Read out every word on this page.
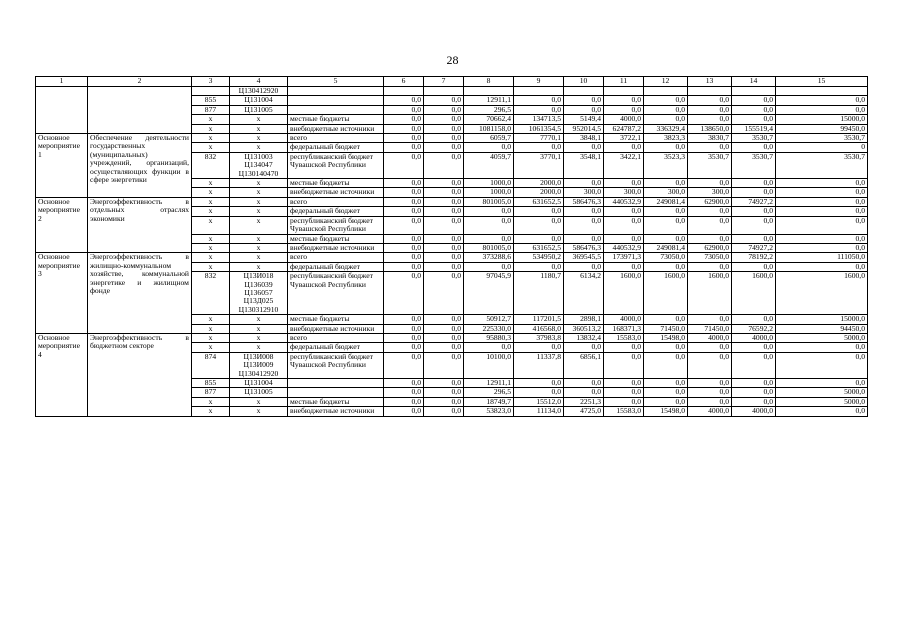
28
1	2	3	4	5	6	7	8	9	10	11	12	13	14	15
			Ц130412920											
		855	Ц131004		0,0	0,0	12911,1	0,0	0,0	0,0	0,0	0,0	0,0	0,0
		877	Ц131005		0,0	0,0	296,5	0,0	0,0	0,0	0,0	0,0	0,0	0,0
		x	x	местные бюджеты	0,0	0,0	70662,4	134713,5	5149,4	4000,0	0,0	0,0	0,0	15000,0
		x	x	внебюджетные источники	0,0	0,0	1081158,0	1061354,5	952014,5	624787,2	336329,4	138650,0	155519,4	99450,0
Основное мероприятие 1	Обеспечение деятельности государственных (муниципальных) учреждений, организаций, осуществляющих функции в сфере энергетики	x	x	всего	0,0	0,0	6059,7	7770,1	3848,1	3722,1	3823,3	3830,7	3530,7	3530,7
		x	x	федеральный бюджет	0,0	0,0	0,0	0,0	0,0	0,0	0,0	0,0	0,0	0
		832	Ц131003 Ц134047 Ц130140470	республиканский бюджет Чувашской Республики	0,0	0,0	4059,7	3770,1	3548,1	3422,1	3523,3	3530,7	3530,7	3530,7
		x	x	местные бюджеты	0,0	0,0	1000,0	2000,0	0,0	0,0	0,0	0,0	0,0	0,0
		x	x	внебюджетные источники	0,0	0,0	1000,0	2000,0	300,0	300,0	300,0	300,0	0,0	0,0
Основное мероприятие 2	Энергоэффективность в отдельных отраслях экономики	x	x	всего	0,0	0,0	801005,0	631652,5	586476,3	440532,9	249081,4	62900,0	74927,2	0,0
		x	x	федеральный бюджет	0,0	0,0	0,0	0,0	0,0	0,0	0,0	0,0	0,0	0,0
		x	x	республиканский бюджет Чувашской Республики	0,0	0,0	0,0	0,0	0,0	0,0	0,0	0,0	0,0	0,0
		x	x	местные бюджеты	0,0	0,0	0,0	0,0	0,0	0,0	0,0	0,0	0,0	0,0
		x	x	внебюджетные источники	0,0	0,0	801005,0	631652,5	586476,3	440532,9	249081,4	62900,0	74927,2	0,0
Основное мероприятие 3	Энергоэффективность в жилищно-коммунальном хозяйстве, коммунальной энергетике и жилищном фонде	x	x	всего	0,0	0,0	373288,6	534950,2	369545,5	173971,3	73050,0	73050,0	78192,2	111050,0
		x	x	федеральный бюджет	0,0	0,0	0,0	0,0	0,0	0,0	0,0	0,0	0,0	0,0
		832	Ц13И018 Ц136039 Ц136057 Ц13Д025 Ц130312910	республиканский бюджет Чувашской Республики	0,0	0,0	97045,9	1180,7	6134,2	1600,0	1600,0	1600,0	1600,0	1600,0
		x	x	местные бюджеты	0,0	0,0	50912,7	117201,5	2898,1	4000,0	0,0	0,0	0,0	15000,0
		x	x	внебюджетные источники	0,0	0,0	225330,0	416568,0	360513,2	168371,3	71450,0	71450,0	76592,2	94450,0
Основное мероприятие 4	Энергоэффективность в бюджетном секторе	x	x	всего	0,0	0,0	95880,3	37983,8	13832,4	15583,0	15498,0	4000,0	4000,0	5000,0
		x	x	федеральный бюджет	0,0	0,0	0,0	0,0	0,0	0,0	0,0	0,0	0,0	0,0
		874	Ц13И008 Ц13И009 Ц130412920	республиканский бюджет Чувашской Республики	0,0	0,0	10100,0	11337,8	6856,1	0,0	0,0	0,0	0,0	0,0
		855	Ц131004		0,0	0,0	12911,1	0,0	0,0	0,0	0,0	0,0	0,0	0,0
		877	Ц131005		0,0	0,0	296,5	0,0	0,0	0,0	0,0	0,0	0,0	5000,0
		x	x	местные бюджеты	0,0	0,0	18749,7	15512,0	2251,3	0,0	0,0	0,0	0,0	5000,0
		x	x	внебюджетные источники	0,0	0,0	53823,0	11134,0	4725,0	15583,0	15498,0	4000,0	4000,0	0,0
